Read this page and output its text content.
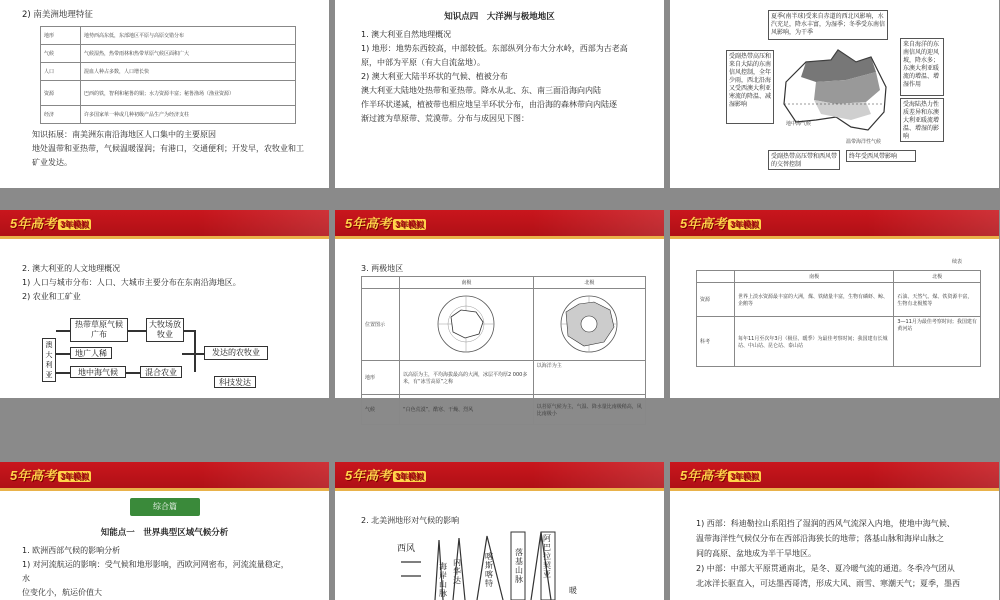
2) 南美洲地理特征
地形	地势西高东低，东部地区平原与高原交错分布
气候	气候湿热，热带雨林和热带草原气候区面积广大
人口	混血人种占多数，人口增长快
资源	巴西的铁，智利和秘鲁的铜；水力资源丰富；秘鲁渔场（渔业资源）
经济	许多国家单一种或几种初级产品生产为经济支柱

知识拓展：南美洲东南沿海地区人口集中的主要原因

地处温带和亚热带，气候温暖湿润；有港口，交通便利；开发早，农牧业和工

矿业发达。

知识点四　大洋洲与极地地区

1. 澳大利亚自然地理概况

1) 地形：地势东西较高，中部较低。东部纵列分布大分水岭，西部为古老高

原，中部为平原（有大自流盆地）。

2) 澳大利亚大陆半环状的气候、植被分布

澳大利亚大陆地处热带和亚热带。降水从北、东、南三面沿海向内陆

作半环状递减，植被带也相应地呈半环状分布，由沿海的森林带向内陆逐

渐过渡为草原带、荒漠带。分布与成因见下图：

夏季(南半球)受来自赤道的西北风影响，水汽充足，降水丰富，为湿季；冬季受东南信风影响，为干季
受副热带高压和来自大陆的东南信风控制，全年少雨，西北沿海又受西澳大利亚寒流的降温、减湿影响
来自海洋的东南信风的迎风坡，降水多；东澳大利亚暖流的增温、增湿作用
受海陆热力性质差异和东澳大利亚暖流增温、增湿的影响
地中海气候
温带海洋性气候
受副热带高压带和西风带的交替控制
终年受西风带影响
5年高考 3年模拟

2. 澳大利亚的人文地理概况

1) 人口与城市分布：人口、大城市主要分布在东南沿海地区。

2) 农业和工矿业

澳大利亚
热带草原气候广布
地广人稀
地中海气候
大牧场放牧业
混合农业
发达的农牧业
科技发达
5年高考 3年模拟
3. 两极地区
	南极	北极
位置图示		
地形	以高原为主，平均海拔最高的大洲，冰层平均厚2 000多米，有“冰雪高原”之称	以海洋为主
气候	“白色荒漠”，酷寒、干燥、烈风	以苔原气候为主，气温、降水量比南极稍高，风比南极小
5年高考 3年模拟
续表
	南极	北极
资源	世界上淡水资源最丰富的大洲，煤、铁储量丰富，生物有磷虾、鲸、企鹅等	石油、天然气、煤、铁资源丰富，生物有北极熊等
科考	每年11月至次年3月（极昼、暖季）为最佳考察时间；我国建有长城站、中山站、昆仑站、泰山站	3—11月为最佳考察时间；我国建有黄河站
5年高考 3年模拟
综合篇
知能点一　世界典型区域气候分析

1. 欧洲西部气候的影响分析

1) 对河流航运的影响：受气候和地形影响，西欧河网密布，河流流量稳定，

水

位变化小，航运价值大

5年高考 3年模拟
2. 北美洲地形对气候的影响
西风
海岸山脉
内华达
喀斯喀特
落基山脉
阿巴拉契亚
暖
5年高考 3年模拟

1) 西部：科迪勒拉山系阻挡了湿润的西风气流深入内地，使地中海气候、

温带海洋性气候仅分布在西部沿海狭长的地带；落基山脉和海岸山脉之

间的高原、盆地成为半干旱地区。

2) 中部：中部大平原贯通南北，是冬、夏冷暖气流的通道。冬季冷气团从

北冰洋长驱直入，可达墨西哥湾，形成大风、雨雪、寒潮天气；夏季，墨西
